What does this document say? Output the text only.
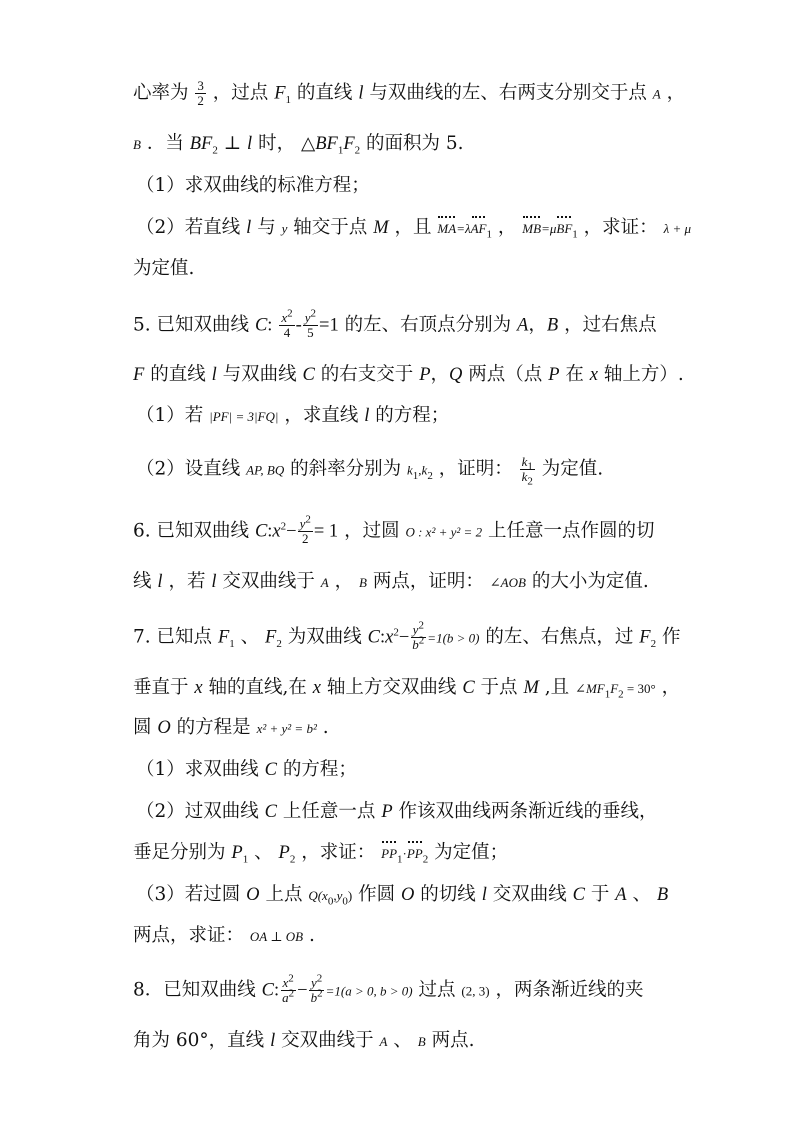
心率为 $\frac{3}{2}$ ，过点 $F_1$ 的直线 l 与双曲线的左、右两支分别交于点 A ，
B ．当 $BF_2$ ⊥ l 时， $\triangle BF_1F_2$ 的面积为 5.
（1）求双曲线的标准方程；
（2）若直线 l 与 y 轴交于点 M ，且 MA=λAF$_1$ ， MB=μBF$_1$ ，求证： λ + μ
为定值.
5. 已知双曲线 C: $\frac{x^2}{4} - \frac{y^2}{5} =1$ 的左、右顶点分别为 A，B ，过右焦点
F 的直线 l 与双曲线 C 的右支交于 P，Q 两点（点 P 在 x 轴上方）.
（1）若 |PF| = 3|FQ| ，求直线 l 的方程；
（2）设直线 AP, BQ 的斜率分别为 $k_1,k_2$ ，证明： $\frac{k_1}{k_2}$ 为定值.
6. 已知双曲线 $C:x^2- \frac{y^2}{2} = 1$ ，过圆 O : x² + y² = 2 上任意一点作圆的切
线 l ，若 l 交双曲线于 A ， B 两点，证明： ∠AOB 的大小为定值.
7. 已知点 $F_1$ 、 $F_2$ 为双曲线 $C:x^2- \frac{y^2}{b^2} =1(b > 0)$ 的左、右焦点，过 $F_2$ 作
垂直于 x 轴的直线,在 x 轴上方交双曲线 C 于点 M ,且 $\angle MF_1F_2 = 30^\circ$ ，
圆 O 的方程是 x² + y² = b² .
（1）求双曲线 C 的方程；
（2）过双曲线 C 上任意一点 P 作该双曲线两条渐近线的垂线，
垂足分别为 $P_1$ 、 $P_2$ ，求证： $PP_1\cdot PP_2$ 为定值；
（3）若过圆 O 上点 $Q(x_0,y_0)$ 作圆 O 的切线 l 交双曲线 C 于 A 、 B
两点，求证： OA ⊥ OB .
8．已知双曲线 C: $\frac{x^2}{a^2} - \frac{y^2}{b^2} =1(a > 0$, b > 0) 过点 (2, 3) ，两条渐近线的夹
角为 60°，直线 l 交双曲线于 A 、 B 两点.
